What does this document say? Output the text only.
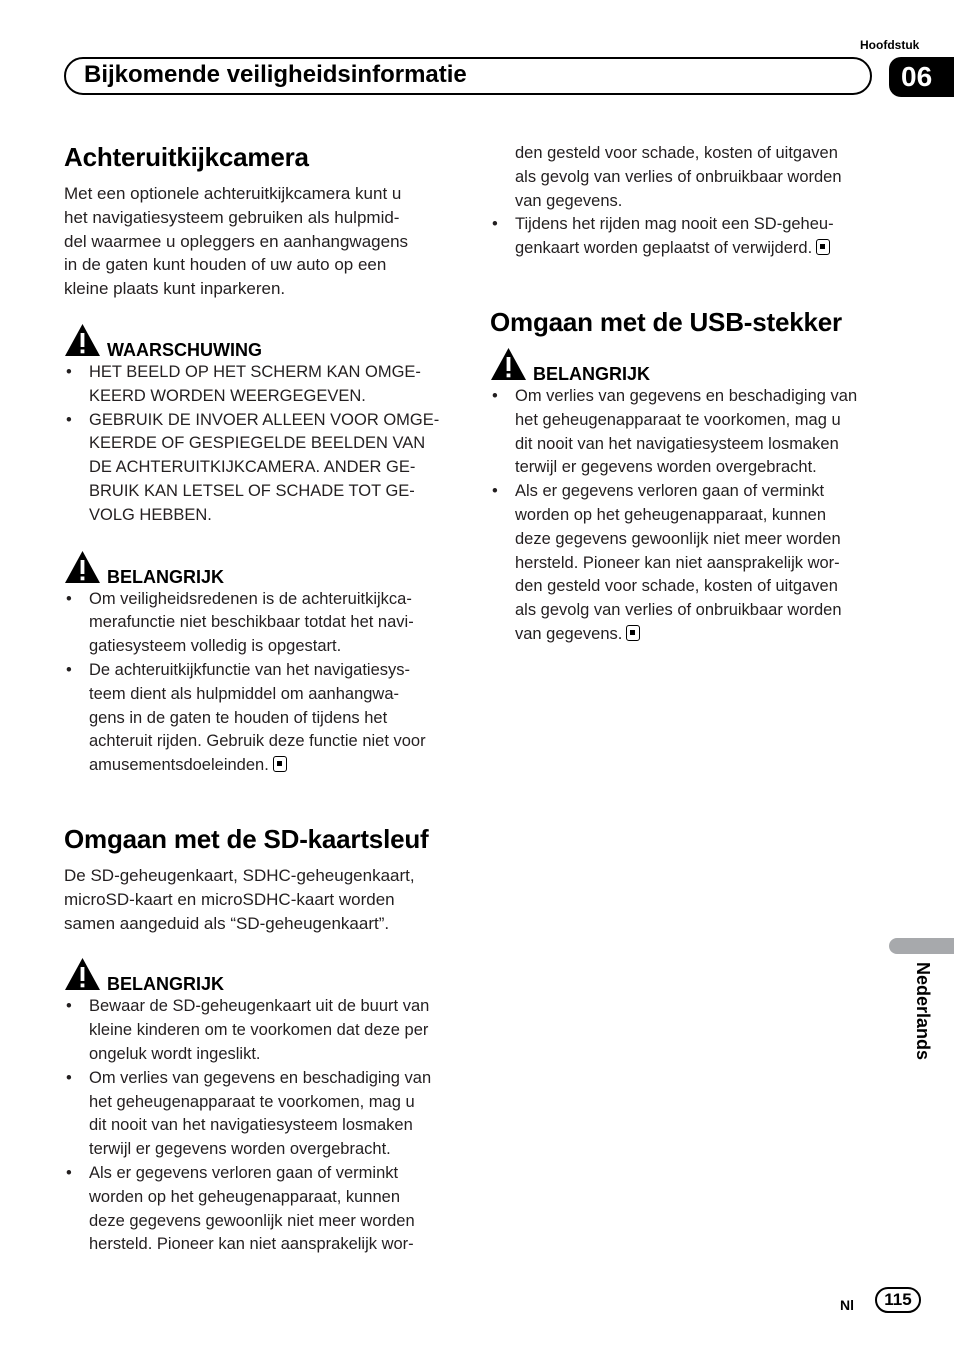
Hoofdstuk
Bijkomende veiligheidsinformatie	06
Achteruitkijkcamera

Met een optionele achteruitkijkcamera kunt u
het navigatiesysteem gebruiken als hulpmid-
del waarmee u opleggers en aanhangwagens
in de gaten kunt houden of uw auto op een
kleine plaats kunt inparkeren.

WAARSCHUWING
• HET BEELD OP HET SCHERM KAN OMGE-
KEERD WORDEN WEERGEGEVEN.
• GEBRUIK DE INVOER ALLEEN VOOR OMGE-
KEERDE OF GESPIEGELDE BEELDEN VAN
DE ACHTERUITKIJKCAMERA. ANDER GE-
BRUIK KAN LETSEL OF SCHADE TOT GE-
VOLG HEBBEN.
BELANGRIJK
• Om veiligheidsredenen is de achteruitkijkca-
merafunctie niet beschikbaar totdat het navi-
gatiesysteem volledig is opgestart.
• De achteruitkijkfunctie van het navigatiesys-
teem dient als hulpmiddel om aanhangwa-
gens in de gaten te houden of tijdens het
achteruit rijden. Gebruik deze functie niet voor
amusementsdoeleinden.
Omgaan met de SD-kaartsleuf

De SD-geheugenkaart, SDHC-geheugenkaart,
microSD-kaart en microSDHC-kaart worden
samen aangeduid als “SD-geheugenkaart”.

BELANGRIJK
• Bewaar de SD-geheugenkaart uit de buurt van
kleine kinderen om te voorkomen dat deze per
ongeluk wordt ingeslikt.
• Om verlies van gegevens en beschadiging van
het geheugenapparaat te voorkomen, mag u
dit nooit van het navigatiesysteem losmaken
terwijl er gegevens worden overgebracht.
• Als er gegevens verloren gaan of verminkt
worden op het geheugenapparaat, kunnen
deze gegevens gewoonlijk niet meer worden
hersteld. Pioneer kan niet aansprakelijk wor-
den gesteld voor schade, kosten of uitgaven
als gevolg van verlies of onbruikbaar worden
van gegevens.
• Tijdens het rijden mag nooit een SD-geheu-
genkaart worden geplaatst of verwijderd.
Omgaan met de USB-stekker
BELANGRIJK
• Om verlies van gegevens en beschadiging van
het geheugenapparaat te voorkomen, mag u
dit nooit van het navigatiesysteem losmaken
terwijl er gegevens worden overgebracht.
• Als er gegevens verloren gaan of verminkt
worden op het geheugenapparaat, kunnen
deze gegevens gewoonlijk niet meer worden
hersteld. Pioneer kan niet aansprakelijk wor-
den gesteld voor schade, kosten of uitgaven
als gevolg van verlies of onbruikbaar worden
van gegevens.
Nederlands
Nl	115
